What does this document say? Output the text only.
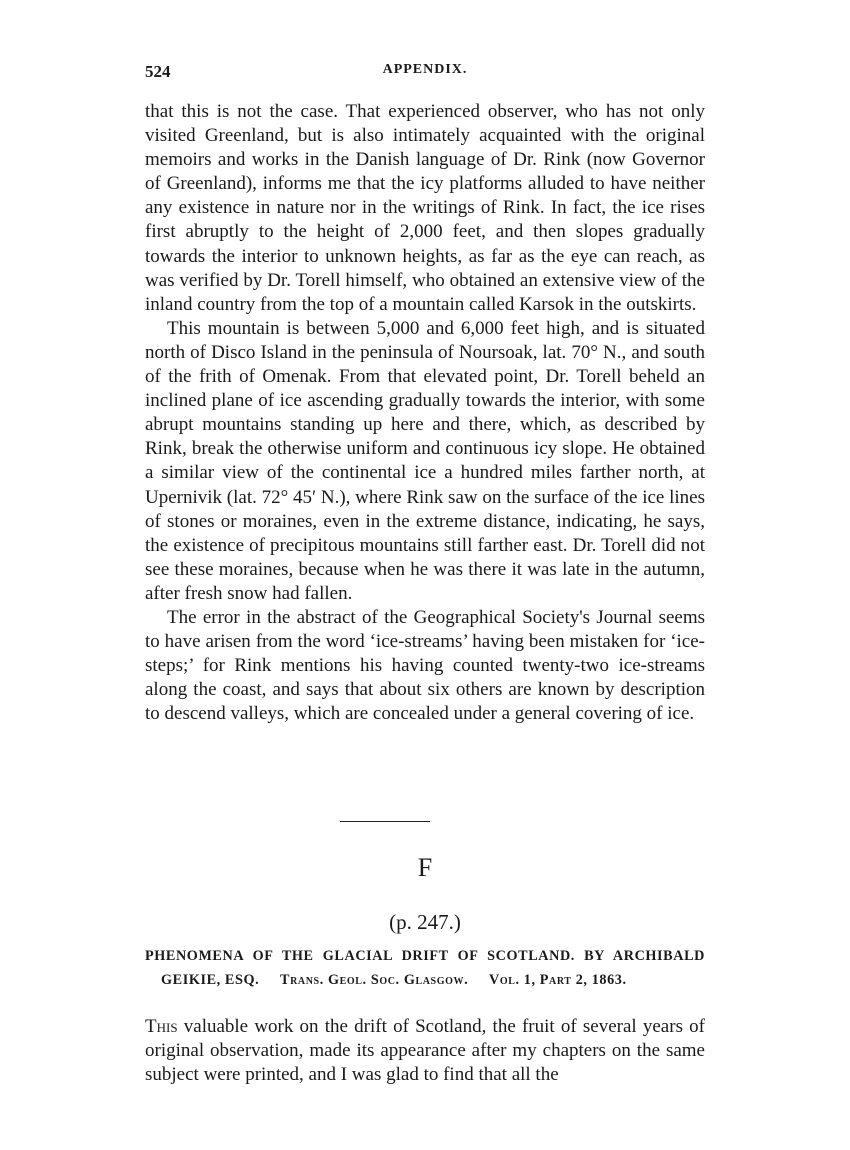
524	APPENDIX.

that this is not the case. That experienced observer, who has not only visited Greenland, but is also intimately acquainted with the original memoirs and works in the Danish language of Dr. Rink (now Governor of Greenland), informs me that the icy platforms alluded to have neither any existence in nature nor in the writings of Rink. In fact, the ice rises first abruptly to the height of 2,000 feet, and then slopes gradually towards the interior to unknown heights, as far as the eye can reach, as was verified by Dr. Torell himself, who obtained an extensive view of the inland country from the top of a mountain called Karsok in the outskirts.

This mountain is between 5,000 and 6,000 feet high, and is situated north of Disco Island in the peninsula of Noursoak, lat. 70° N., and south of the frith of Omenak. From that elevated point, Dr. Torell beheld an inclined plane of ice ascending gradually towards the interior, with some abrupt mountains standing up here and there, which, as described by Rink, break the otherwise uniform and continuous icy slope. He obtained a similar view of the continental ice a hundred miles farther north, at Upernivik (lat. 72° 45′ N.), where Rink saw on the surface of the ice lines of stones or moraines, even in the extreme distance, indicating, he says, the existence of precipitous mountains still farther east. Dr. Torell did not see these moraines, because when he was there it was late in the autumn, after fresh snow had fallen.

The error in the abstract of the Geographical Society's Journal seems to have arisen from the word ‘ice-streams’ having been mistaken for ‘ice-steps;’ for Rink mentions his having counted twenty-two ice-streams along the coast, and says that about six others are known by description to descend valleys, which are concealed under a general covering of ice.

F
(p. 247.)
PHENOMENA OF THE GLACIAL DRIFT OF SCOTLAND. BY ARCHIBALD
GEIKIE, ESQ. Trans. Geol. Soc. Glasgow. Vol. 1, Part 2, 1863.

This valuable work on the drift of Scotland, the fruit of several years of original observation, made its appearance after my chapters on the same subject were printed, and I was glad to find that all the
